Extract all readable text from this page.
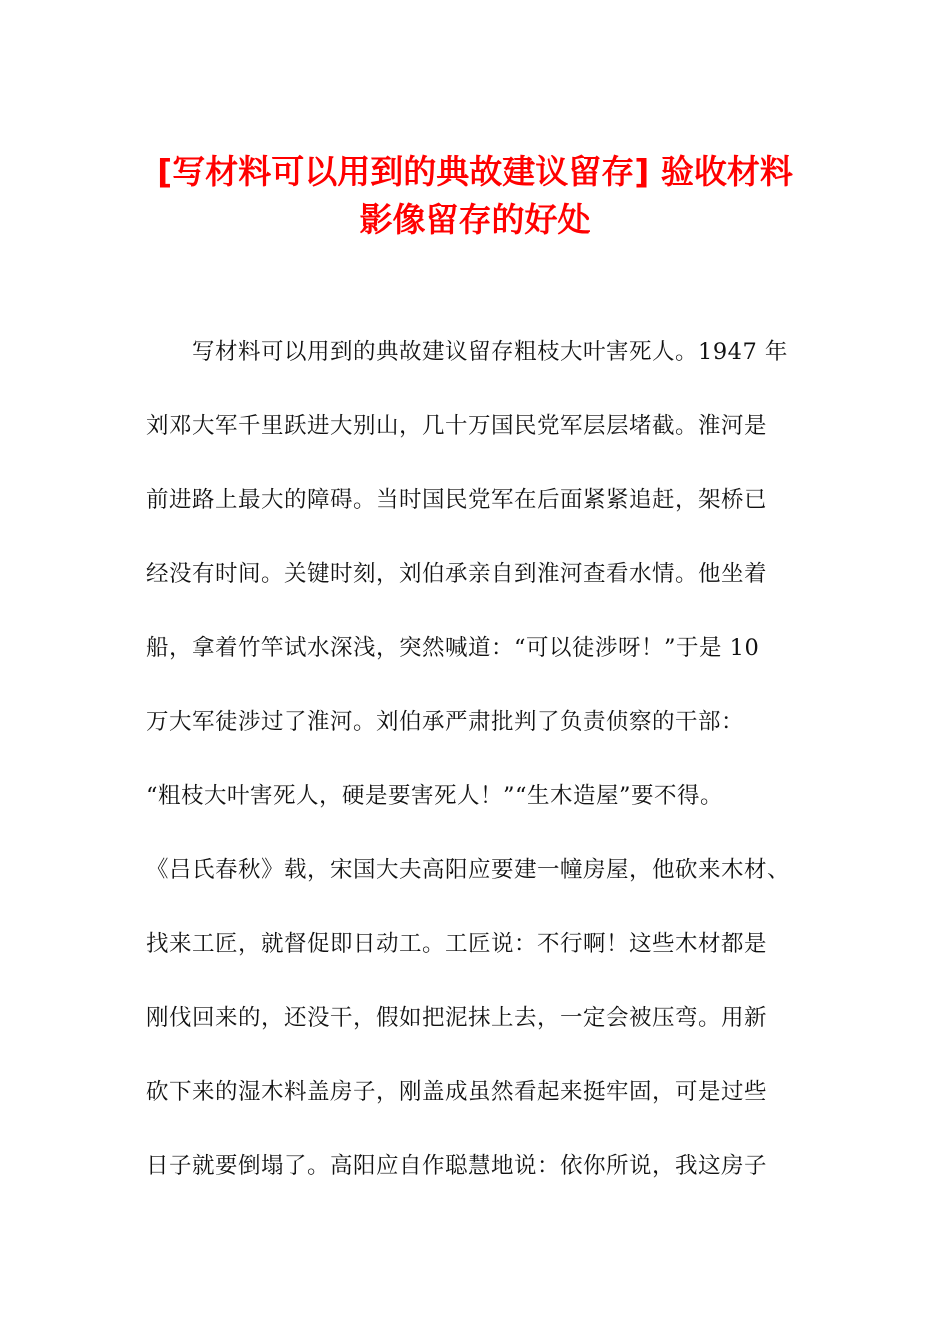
[写材料可以用到的典故建议留存] 验收材料
影像留存的好处
　　写材料可以用到的典故建议留存粗枝大叶害死人。1947 年
刘邓大军千里跃进大别山，几十万国民党军层层堵截。淮河是
前进路上最大的障碍。当时国民党军在后面紧紧追赶，架桥已
经没有时间。关键时刻，刘伯承亲自到淮河查看水情。他坐着
船，拿着竹竿试水深浅，突然喊道：“可以徒涉呀！”于是 10
万大军徒涉过了淮河。刘伯承严肃批判了负责侦察的干部：
“粗枝大叶害死人，硬是要害死人！”“生木造屋”要不得。
《吕氏春秋》载，宋国大夫高阳应要建一幢房屋，他砍来木材、
找来工匠，就督促即日动工。工匠说：不行啊！这些木材都是
刚伐回来的，还没干，假如把泥抹上去，一定会被压弯。用新
砍下来的湿木料盖房子，刚盖成虽然看起来挺牢固，可是过些
日子就要倒塌了。高阳应自作聪慧地说：依你所说，我这房子
